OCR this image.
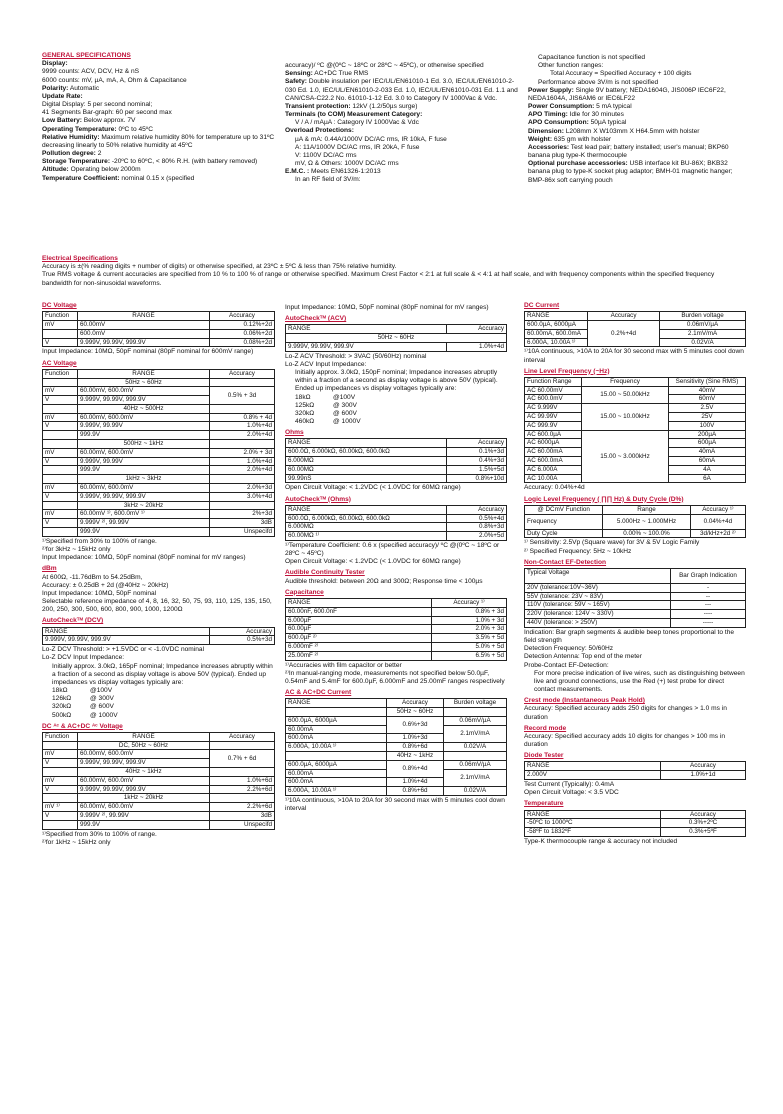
GENERAL SPECIFICATIONS
Display:
9999 counts: ACV, DCV, Hz & nS
6000 counts: mV, µA, mA, A, Ohm & Capacitance
Polarity: Automatic
Update Rate:
Digital Display: 5 per second nominal;
41 Segments Bar-graph: 60 per second max
Low Battery: Below approx. 7V
Operating Temperature: 0ºC to 45ºC
Relative Humidity: Maximum relative humidity 80% for temperature up to 31ºC decreasing linearly to 50% relative humidity at 45ºC
Pollution degree: 2
Storage Temperature: -20ºC to 60ºC, < 80% R.H. (with battery removed)
Altitude: Operating below 2000m
Temperature Coefficient: nominal 0.15 x (specified
accuracy)/ ºC @(0ºC ~ 18ºC or 28ºC ~ 45ºC), or otherwise specified
Sensing: AC+DC True RMS
Safety: Double insulation per IEC/UL/EN61010-1 Ed. 3.0, IEC/UL/EN61010-2-030 Ed. 1.0, IEC/UL/EN61010-2-033 Ed. 1.0, IEC/UL/EN61010-031 Ed. 1.1 and CAN/CSA-C22.2 No. 61010-1-12 Ed. 3.0 to Category IV 1000Vac & Vdc.
Transient protection: 12kV (1.2/50µs surge)
Terminals (to COM) Measurement Category:
V / A / mAµA : Category IV 1000Vac & Vdc
Overload Protections:
µA & mA: 0.44A/1000V DC/AC rms, IR 10kA, F fuse
A: 11A/1000V DC/AC rms, IR 20kA, F fuse
V: 1100V DC/AC rms
mV, Ω & Others: 1000V DC/AC rms
E.M.C. : Meets EN61326-1:2013
In an RF field of 3V/m:
Capacitance function is not specified
Other function ranges:
Total Accuracy = Specified Accuracy + 100 digits
Performance above 3V/m is not specified
Power Supply: Single 9V battery; NEDA1604G, JIS006P IEC6F22, NEDA1604A, JIS6AM6 or IEC6LF22
Power Consumption: 5 mA typical
APO Timing: Idle for 30 minutes
APO Consumption: 50µA typical
Dimension: L208mm X W103mm X H64.5mm with holster
Weight: 635 gm with holster
Accessories: Test lead pair; battery installed; user's manual; BKP60 banana plug type-K thermocouple
Optional purchase accessories: USB interface kit BU-86X; BKB32 banana plug to type-K socket plug adaptor; BMH-01 magnetic hanger; BMP-86x soft carrying pouch
Electrical Specifications
Accuracy is ±(% reading digits + number of digits) or otherwise specified, at 23ºC ± 5ºC & less than 75% relative humidity.
True RMS voltage & current accuracies are specified from 10 % to 100 % of range or otherwise specified. Maximum Crest Factor < 2:1 at full scale & < 4:1 at half scale, and with frequency components within the specified frequency bandwidth for non-sinusoidal waveforms.
DC Voltage
Function	RANGE	Accuracy
mV	60.00mV	0.12%+2d
	600.0mV	0.06%+2d
V	9.999V, 99.99V, 999.9V	0.08%+2d
Input Impedance: 10MΩ, 50pF nominal (80pF nominal for 600mV range)
AC Voltage
Function	RANGE	Accuracy
	50Hz ~ 60Hz	
mV	60.00mV, 600.0mV	0.5% + 3d
V	9.999V, 99.99V, 999.9V	
	40Hz ~ 500Hz	
mV	60.00mV, 600.0mV	0.8% + 4d
V	9.999V, 99.99V	1.0%+4d
	999.9V	2.0%+4d
	500Hz ~ 1kHz	
mV	60.00mV, 600.0mV	2.0% + 3d
V	9.999V, 99.99V	1.0%+4d
	999.9V	2.0%+4d
	1kHz ~ 3kHz	
mV	60.00mV, 600.0mV	2.0%+3d
V	9.999V, 99.99V, 999.9V	3.0%+4d
	3kHz ~ 20kHz	
mV	60.00mV ¹⁾, 600.0mV ¹⁾	2%+3d
V	9.999V ²⁾, 99.99V	3dB
	999.9V	Unspecifd
¹⁾Specified from 30% to 100% of range.
²⁾for 3kHz ~ 15kHz only
Input Impedance: 10MΩ, 50pF nominal (80pF nominal for mV ranges)
dBm
At 600Ω, -11.76dBm to 54.25dBm,
Accuracy: ± 0.25dB + 2d (@40Hz ~ 20kHz)
Input Impedance: 10MΩ, 50pF nominal
Selectable reference impedance of 4, 8, 16, 32, 50, 75, 93, 110, 125, 135, 150, 200, 250, 300, 500, 600, 800, 900, 1000, 1200Ω
AutoCheckᵀᴹ (DCV)
RANGE	Accuracy
9.999V, 99.99V, 999.9V	0.5%+3d
Lo-Z DCV Threshold: > +1.5VDC or < -1.0VDC nominal
Lo-Z DCV Input Impedance:
Initially approx. 3.0kΩ, 165pF nominal; Impedance increases abruptly within a fraction of a second as display voltage is above 50V (typical). Ended up impedances vs display voltages typically are:
18kΩ	@100V
126kΩ	@ 300V
320kΩ	@ 600V
500kΩ	@ 1000V
DC ᴬᶜ & AC+DC ᴬᶜ Voltage
Function	RANGE	Accuracy
	DC, 50Hz ~ 60Hz	
mV	60.00mV, 600.0mV	0.7% + 6d
V	9.999V, 99.99V, 999.9V	
	40Hz ~ 1kHz	
mV	60.00mV, 600.0mV	1.0%+6d
V	9.999V, 99.99V, 999.9V	2.2%+6d
	1kHz ~ 20kHz	
mV ¹⁾	60.00mV, 600.0mV	2.2%+6d
V	9.999V ²⁾, 99.99V	3dB
	999.9V	Unspecifd
¹⁾Specified from 30% to 100% of range.
²⁾for 1kHz ~ 15kHz only
Input Impedance: 10MΩ, 50pF nominal (80pF nominal for mV ranges)
AutoCheckᵀᴹ (ACV)
RANGE	Accuracy
50Hz ~ 60Hz	
9.999V, 99.99V, 999.9V	1.0%+4d
Lo-Z ACV Threshold: > 3VAC (50/60Hz) nominal
Lo-Z ACV Input Impedance:
Initially approx. 3.0kΩ, 150pF nominal; Impedance increases abruptly within a fraction of a second as display voltage is above 50V (typical). Ended up impedances vs display voltages typically are:
18kΩ	@100V
125kΩ	@ 300V
320kΩ	@ 600V
460kΩ	@ 1000V
Ohms
RANGE	Accuracy
600.0Ω, 6.000kΩ, 60.00kΩ, 600.0kΩ	0.1%+3d
6.000MΩ	0.4%+3d
60.00MΩ	1.5%+5d
99.99nS	0.8%+10d
Open Circuit Voltage: < 1.2VDC (< 1.0VDC for 60MΩ range)
AutoCheckᵀᴹ (Ohms)
RANGE	Accuracy
600.0Ω, 6.000kΩ, 60.00kΩ, 600.0kΩ	0.5%+4d
6.000MΩ	0.8%+3d
60.00MΩ ¹⁾	2.0%+5d
¹⁾Temperature Coefficient: 0.6 x (specified accuracy)/ ºC @(0ºC ~ 18ºC or 28ºC ~ 45ºC)
Open Circuit Voltage: < 1.2VDC (< 1.0VDC for 60MΩ range)
Audible Continuity Tester
Audible threshold: between 20Ω and 300Ω; Response time < 100µs
Capacitance
RANGE	Accuracy ¹⁾
60.00nF, 600.0nF	0.8% + 3d
6.000µF	1.0% + 3d
60.00µF	2.0% + 3d
600.0µF ²⁾	3.5% + 5d
6.000mF ²⁾	5.0% + 5d
25.00mF ²⁾	6.5% + 5d
¹⁾Accuracies with film capacitor or better
²⁾In manual-ranging mode, measurements not specified below 50.0µF, 0.54mF and 5.4mF for 600.0µF, 6.000mF and 25.00mF ranges respectively
AC & AC+DC Current
RANGE	Accuracy	Burden voltage
	50Hz ~ 60Hz	
600.0µA, 6000µA	0.6%+3d	0.06mV/µA
60.00mA		2.1mV/mA
600.0mA	1.0%+3d	
6.000A, 10.00A ¹⁾	0.8%+6d	0.02V/A
	40Hz ~ 1kHz	
600.0µA, 6000µA	0.8%+4d	0.06mV/µA
60.00mA		2.1mV/mA
600.0mA	1.0%+4d	
6.000A, 10.00A ¹⁾	0.8%+6d	0.02V/A
¹⁾10A continuous, >10A to 20A for 30 second max with 5 minutes cool down interval
DC Current
RANGE	Accuracy	Burden voltage
600.0µA, 6000µA	0.2%+4d	0.06mV/µA
60.00mA, 600.0mA		2.1mV/mA
6.000A, 10.00A ¹⁾		0.02V/A
¹⁾10A continuous, >10A to 20A for 30 second max with 5 minutes cool down interval
Line Level Frequency (~Hz)
Function Range	Frequency	Sensitivity (Sine RMS)
AC 60.00mV	15.00 ~ 50.00kHz	40mV
AC 600.0mV		60mV
AC 9.999V	15.00 ~ 10.00kHz	2.5V
AC 99.99V		25V
AC 999.9V		100V
AC 600.0µA	15.00 ~ 3.000kHz	200µA
AC 6000µA		600µA
AC 60.00mA		40mA
AC 600.0mA		60mA
AC 6.000A		4A
AC 10.00A		6A
Accuracy: 0.04%+4d
Logic Level Frequency ( ∏∏ Hz) & Duty Cycle (D%)
@ DCmV Function	Range	Accuracy ¹⁾
Frequency	5.000Hz ~ 1.000MHz	0.04%+4d
Duty Cycle	0.00% ~ 100.0%	3d/kHz+2d ²⁾
¹⁾ Sensitivity: 2.5Vp (Square wave) for 3V & 5V Logic Family
²⁾ Specified Frequency: 5Hz ~ 10kHz
Non-Contact EF-Detection
Typical Voltage	Bar Graph Indication
20V (tolerance:10V~36V)	-
55V (tolerance: 23V ~ 83V)	--
110V (tolerance: 59V ~ 165V)	---
220V (tolerance: 124V ~ 330V)	----
440V (tolerance: > 250V)	-----
Indication: Bar graph segments & audible beep tones proportional to the field strength
Detection Frequency: 50/60Hz
Detection Antenna: Top end of the meter
Probe-Contact EF-Detection:
For more precise indication of live wires, such as distinguishing between live and ground connections, use the Red (+) test probe for direct contact measurements.
Crest mode (Instantaneous Peak Hold)
Accuracy: Specified accuracy adds 250 digits for changes > 1.0 ms in duration
Record mode
Accuracy: Specified accuracy adds 10 digits for changes > 100 ms in duration
Diode Tester
RANGE	Accuracy
2.000V	1.0%+1d
Test Current (Typically): 0.4mA
Open Circuit Voltage: < 3.5 VDC
Temperature
RANGE	Accuracy
-50ºC to 1000ºC	0.3%+2ºC
-58ºF to 1832ºF	0.3%+5ºF
Type-K thermocouple range & accuracy not included
